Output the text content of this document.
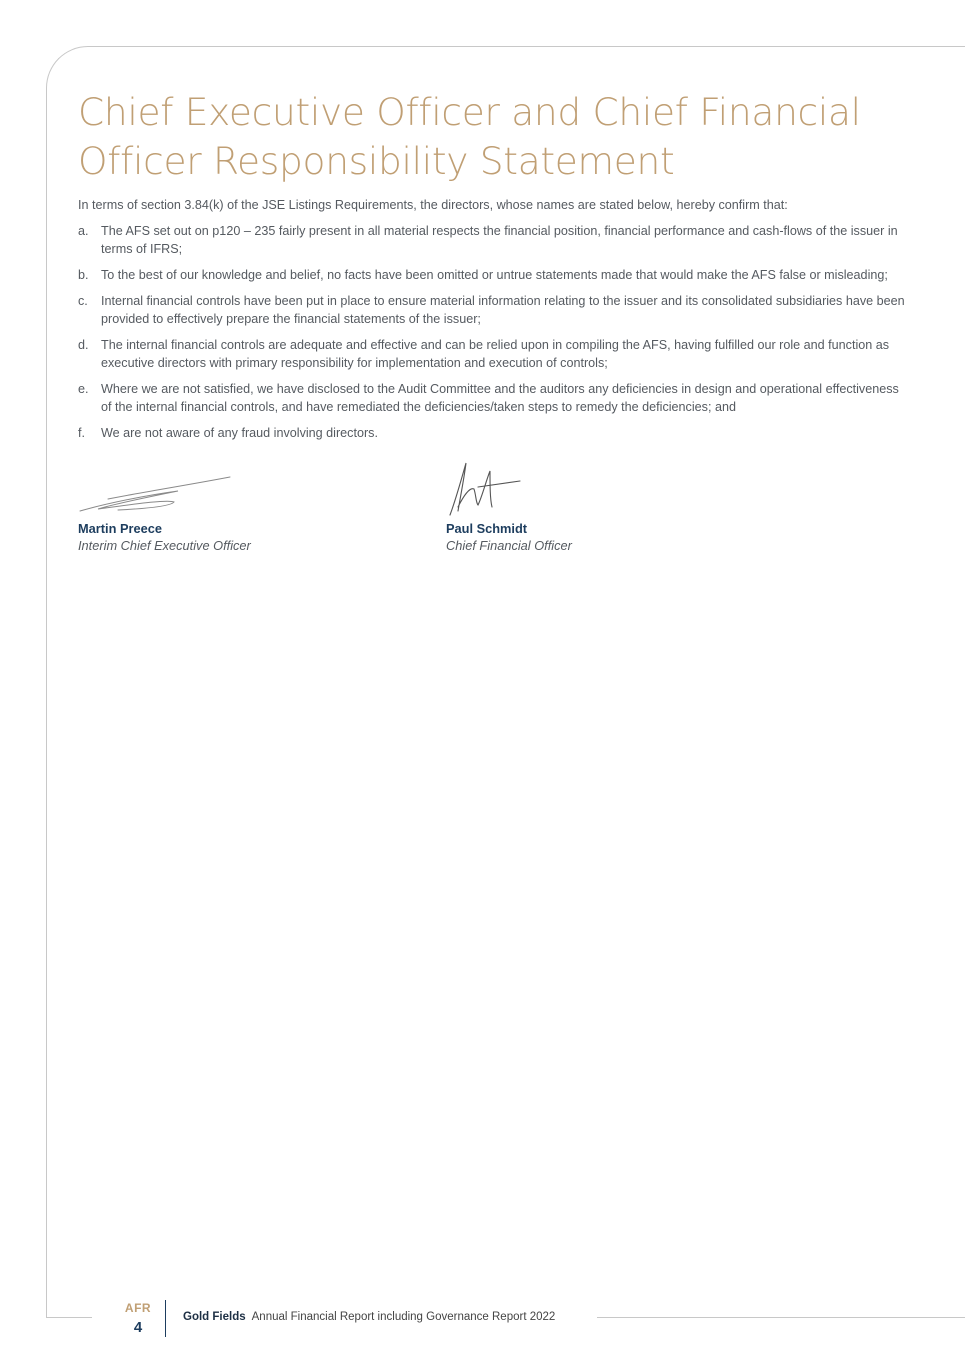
Chief Executive Officer and Chief Financial Officer Responsibility Statement

In terms of section 3.84(k) of the JSE Listings Requirements, the directors, whose names are stated below, hereby confirm that:

a. The AFS set out on p120 – 235 fairly present in all material respects the financial position, financial performance and cash-flows of the issuer in terms of IFRS;
b. To the best of our knowledge and belief, no facts have been omitted or untrue statements made that would make the AFS false or misleading;
c. Internal financial controls have been put in place to ensure material information relating to the issuer and its consolidated subsidiaries have been provided to effectively prepare the financial statements of the issuer;
d. The internal financial controls are adequate and effective and can be relied upon in compiling the AFS, having fulfilled our role and function as executive directors with primary responsibility for implementation and execution of controls;
e. Where we are not satisfied, we have disclosed to the Audit Committee and the auditors any deficiencies in design and operational effectiveness of the internal financial controls, and have remediated the deficiencies/taken steps to remedy the deficiencies; and
f. We are not aware of any fraud involving directors.
Martin Preece
Interim Chief Executive Officer
Paul Schmidt
Chief Financial Officer
AFR
4
Gold Fields Annual Financial Report including Governance Report 2022
